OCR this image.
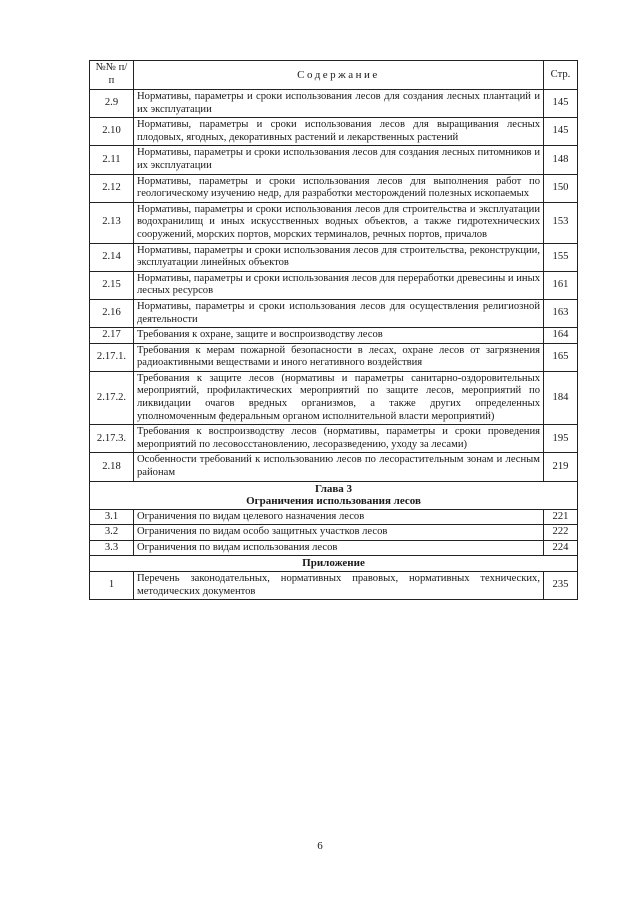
№№ п/п	Содержание	Стр.
2.9	Нормативы, параметры и сроки использования лесов для создания лесных плантаций и их эксплуатации	145
2.10	Нормативы, параметры и сроки использования лесов для выращивания лесных плодовых, ягодных, декоративных растений и лекарственных растений	145
2.11	Нормативы, параметры и сроки использования лесов для создания лесных питомников и их эксплуатации	148
2.12	Нормативы, параметры и сроки использования лесов для выполнения работ по геологическому изучению недр, для разработки месторождений полезных ископаемых	150
2.13	Нормативы, параметры и сроки использования лесов для строительства и эксплуатации водохранилищ и иных искусственных водных объектов, а также гидротехнических сооружений, морских портов, морских терминалов, речных портов, причалов	153
2.14	Нормативы, параметры и сроки использования лесов для строительства, реконструкции, эксплуатации линейных объектов	155
2.15	Нормативы, параметры и сроки использования лесов для переработки древесины и иных лесных ресурсов	161
2.16	Нормативы, параметры и сроки использования лесов для осуществления религиозной деятельности	163
2.17	Требования к охране, защите и воспроизводству лесов	164
2.17.1.	Требования к мерам пожарной безопасности в лесах, охране лесов от загрязнения радиоактивными веществами и иного негативного воздействия	165
2.17.2.	Требования к защите лесов (нормативы и параметры санитарно-оздоровительных мероприятий, профилактических мероприятий по защите лесов, мероприятий по ликвидации очагов вредных организмов, а также других определенных уполномоченным федеральным органом исполнительной власти мероприятий)	184
2.17.3.	Требования к воспроизводству лесов (нормативы, параметры и сроки проведения мероприятий по лесовосстановлению, лесоразведению, уходу за лесами)	195
2.18	Особенности требований к использованию лесов по лесорастительным зонам и лесным районам	219

Глава 3
Ограничения использования лесов		

3.1	Ограничения по видам целевого назначения лесов	221
3.2	Ограничения по видам особо защитных участков лесов	222
3.3	Ограничения по видам использования лесов	224

Приложение		

1	Перечень законодательных, нормативных правовых, нормативных технических, методических документов	235
6
